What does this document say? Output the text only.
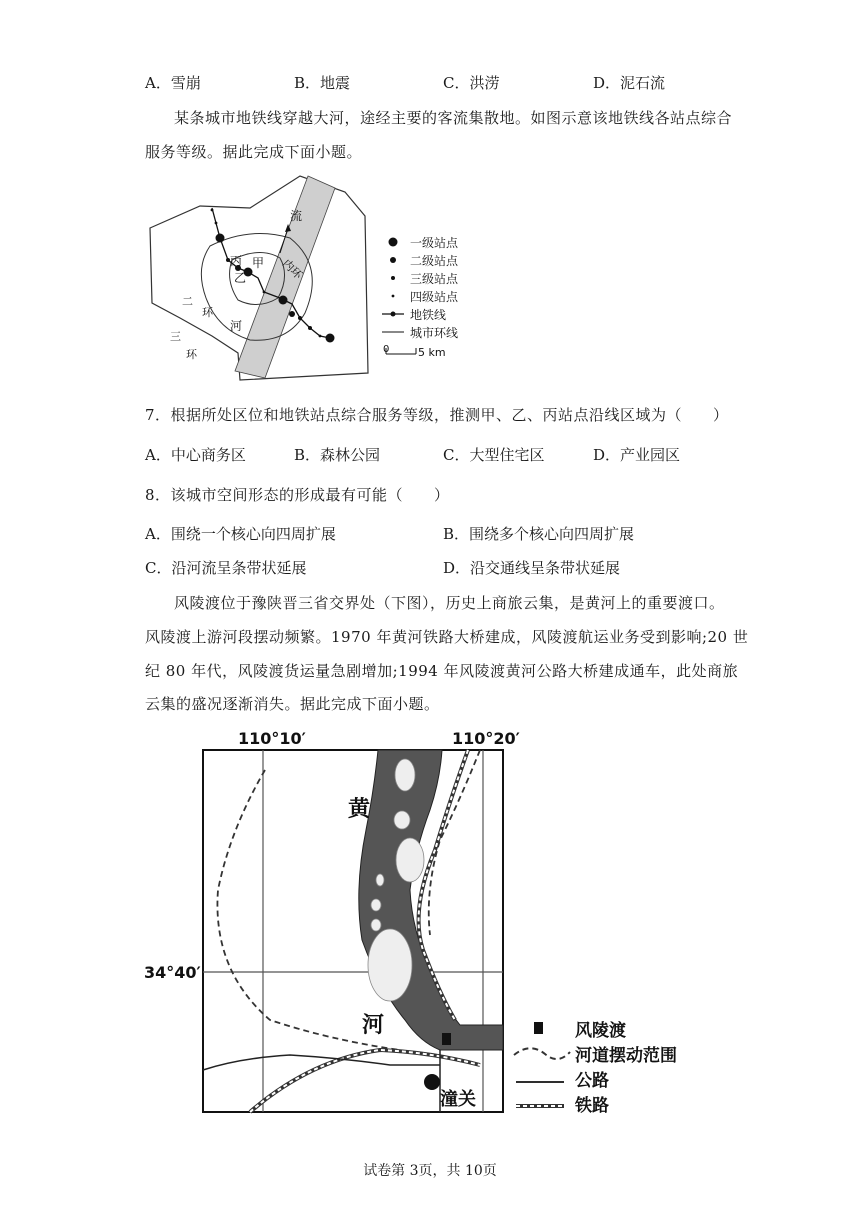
A．雪崩	B．地震	C．洪涝	D．泥石流
某条城市地铁线穿越大河，途经主要的客流集散地。如图示意该地铁线各站点综合
服务等级。据此完成下面小题。
流
河
丙 甲
乙	内环
二
环
三
环
一级站点
二级站点
三级站点
四级站点
地铁线
城市环线
0	5 km
7．根据所处区位和地铁站点综合服务等级，推测甲、乙、丙站点沿线区域为（　　）
A．中心商务区	B．森林公园	C．大型住宅区	D．产业园区
8．该城市空间形态的形成最有可能（　　）
A．围绕一个核心向四周扩展	B．围绕多个核心向四周扩展
C．沿河流呈条带状延展	D．沿交通线呈条带状延展
风陵渡位于豫陕晋三省交界处（下图），历史上商旅云集，是黄河上的重要渡口。
风陵渡上游河段摆动频繁。1970 年黄河铁路大桥建成，风陵渡航运业务受到影响;20 世
纪 80 年代，风陵渡货运量急剧增加;1994 年风陵渡黄河公路大桥建成通车，此处商旅
云集的盛况逐渐消失。据此完成下面小题。
110°10′	110°20′
34°40′
潼关
黄
河	风陵渡
河道摆动范围
公路
铁路
试卷第 3页，共 10页
